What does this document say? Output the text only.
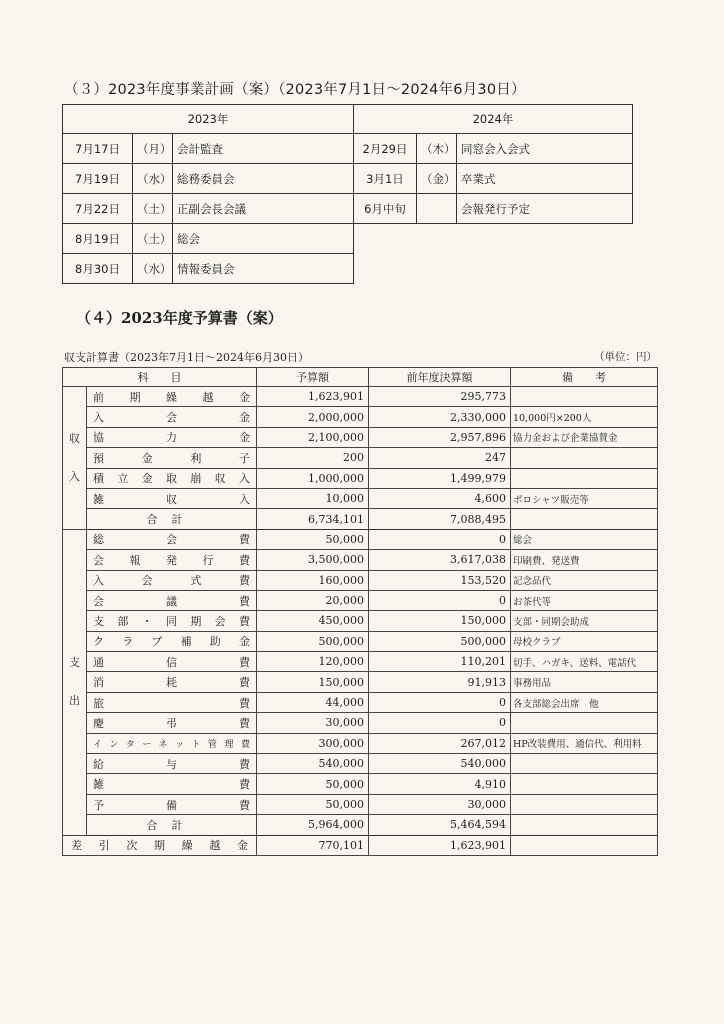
（３）2023年度事業計画（案）（2023年7月1日～2024年6月30日）
2023年			2024年		
7月17日	（月）	会計監査	2月29日	（木）	同窓会入会式
7月19日	（水）	総務委員会	3月1日	（金）	卒業式
7月22日	（土）	正副会長会議	6月中旬		会報発行予定
8月19日	（土）	総会			
8月30日	（水）	情報委員会			
（４）2023年度予算書（案）
収支計算書（2023年7月1日～2024年6月30日）	（単位：円）
科　　目		予算額	前年度決算額	備　　考
収
入	前期繰越金	1,623,901	295,773	
	入会金	2,000,000	2,330,000	10,000円×200人
	協力金	2,100,000	2,957,896	協力金および企業協賛金
	預金利子	200	247	
	積立金取崩収入	1,000,000	1,499,979	
	雑収入	10,000	4,600	ポロシャツ販売等
	合計	6,734,101	7,088,495	
支
出	総会費	50,000	0	総会
	会報発行費	3,500,000	3,617,038	印刷費、発送費
	入会式費	160,000	153,520	記念品代
	会議費	20,000	0	お茶代等
	支部・同期会費	450,000	150,000	支部・同期会助成
	クラブ補助金	500,000	500,000	母校クラブ
	通信費	120,000	110,201	切手、ハガキ、送料、電話代
	消耗費	150,000	91,913	事務用品
	旅費	44,000	0	各支部総会出席　他
	慶弔費	30,000	0	
	インターネット管理費	300,000	267,012	HP改装費用、通信代、利用料
	給与費	540,000	540,000	
	雑費	50,000	4,910	
	予備費	50,000	30,000	
	合計	5,964,000	5,464,594	
差引次期繰越金		770,101	1,623,901	
